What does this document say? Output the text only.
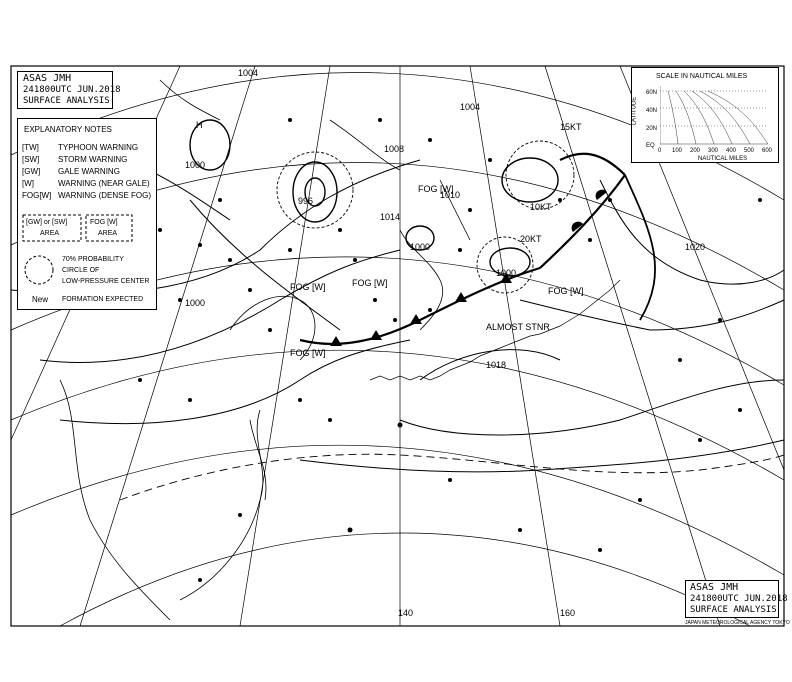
H
996
1000
1014
1010
1000
1000
1018
1008
1004
FOG [W]
FOG [W]
FOG [W]
FOG [W]
FOG [W]
ALMOST STNR
10KT
20KT
15KT
1020
1000
1004
140	160
ASAS JMH
241800UTC JUN.2018
SURFACE ANALYSIS
EXPLANATORY NOTES
[TW] TYPHOON WARNING
[SW] STORM WARNING
[GW] GALE WARNING
[W]	WARNING (NEAR GALE)
FOG[W] WARNING (DENSE FOG)
[GW] or [SW]
AREA
FOG [W]
AREA
70% PROBABILITY
CIRCLE OF
LOW-PRESSURE CENTER
New FORMATION EXPECTED
SCALE IN NAUTICAL MILES
LATITUDE
60N
40N
20N
EQ
0 100 200 300 400 500 600
NAUTICAL MILES
ASAS JMH
241800UTC JUN.2018
SURFACE ANALYSIS
JAPAN METEOROLOGICAL AGENCY TOKYO
